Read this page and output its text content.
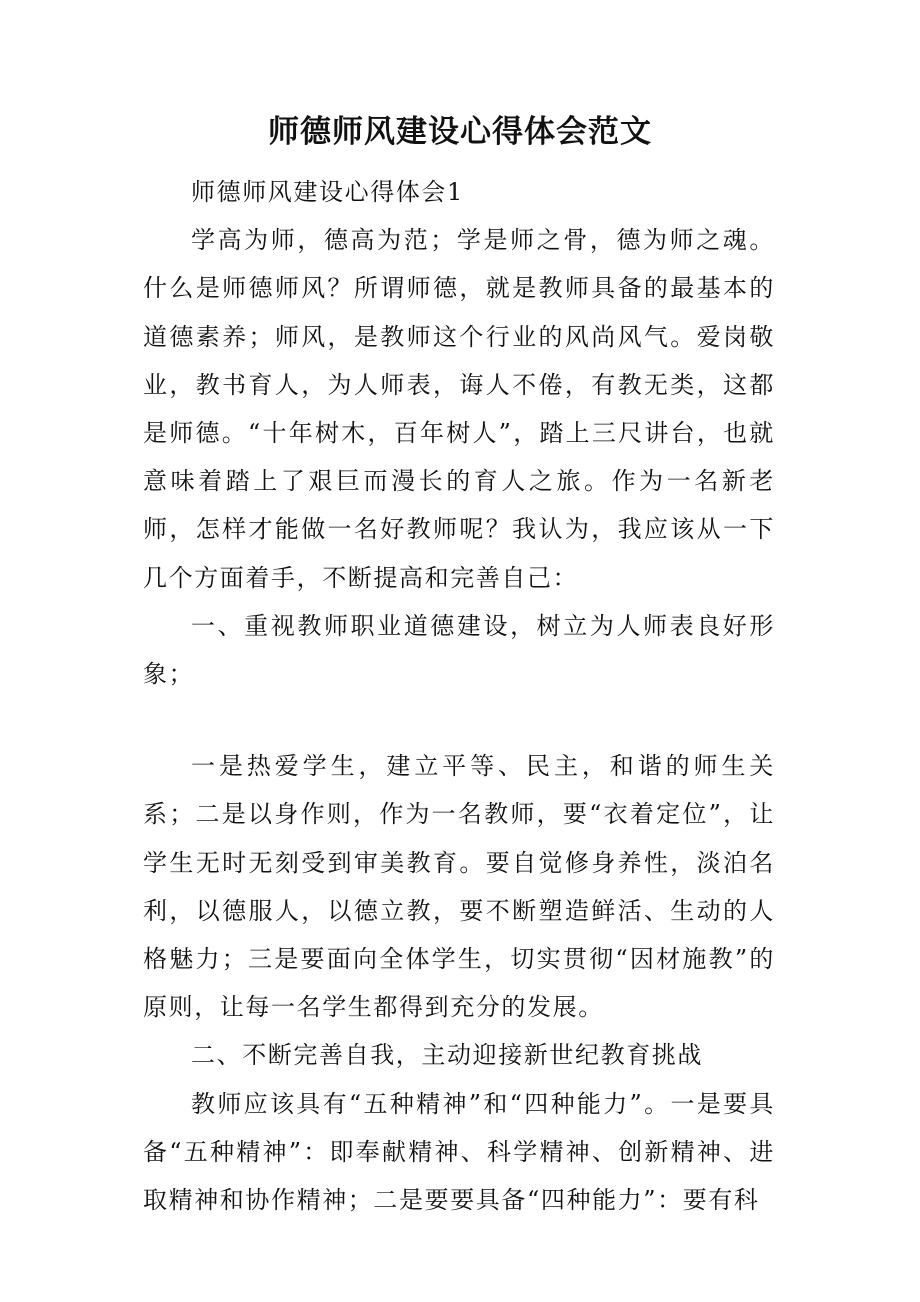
师德师风建设心得体会范文

师德师风建设心得体会1

学高为师，德高为范；学是师之骨，德为师之魂。什么是师德师风？所谓师德，就是教师具备的最基本的道德素养；师风，是教师这个行业的风尚风气。爱岗敬业，教书育人，为人师表，诲人不倦，有教无类，这都是师德。“十年树木，百年树人”，踏上三尺讲台，也就意味着踏上了艰巨而漫长的育人之旅。作为一名新老师，怎样才能做一名好教师呢？我认为，我应该从一下几个方面着手，不断提高和完善自己：

一、重视教师职业道德建设，树立为人师表良好形象；

一是热爱学生，建立平等、民主，和谐的师生关系；二是以身作则，作为一名教师，要“衣着定位”，让学生无时无刻受到审美教育。要自觉修身养性，淡泊名利，以德服人，以德立教，要不断塑造鲜活、生动的人格魅力；三是要面向全体学生，切实贯彻“因材施教”的原则，让每一名学生都得到充分的发展。

二、不断完善自我，主动迎接新世纪教育挑战

教师应该具有“五种精神”和“四种能力”。一是要具备“五种精神”：即奉献精神、科学精神、创新精神、进取精神和协作精神；二是要要具备“四种能力”：要有科
